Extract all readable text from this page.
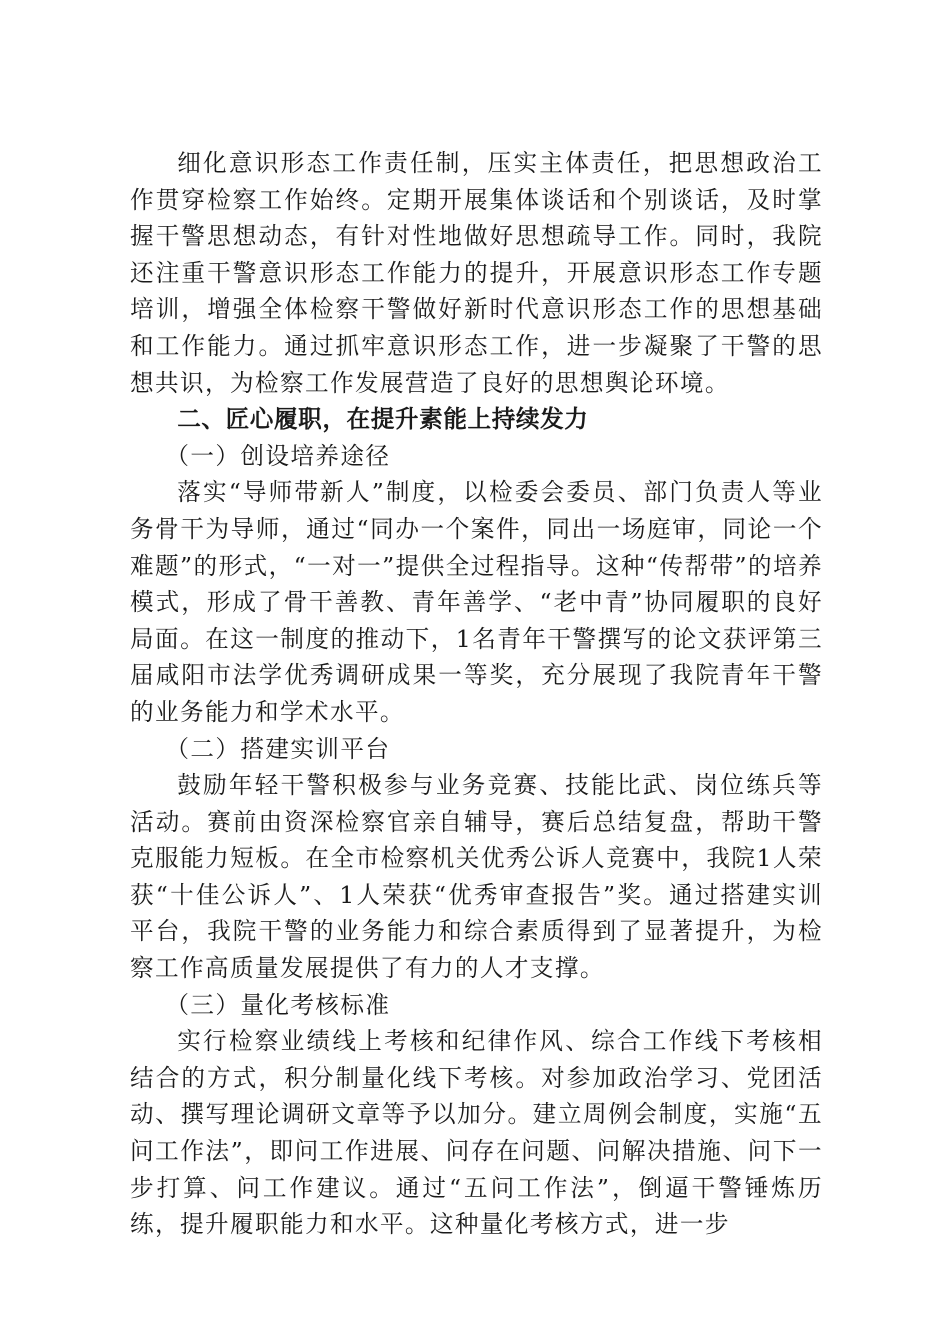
细化意识形态工作责任制，压实主体责任，把思想政治工作贯穿检察工作始终。定期开展集体谈话和个别谈话，及时掌握干警思想动态，有针对性地做好思想疏导工作。同时，我院还注重干警意识形态工作能力的提升，开展意识形态工作专题培训，增强全体检察干警做好新时代意识形态工作的思想基础和工作能力。通过抓牢意识形态工作，进一步凝聚了干警的思想共识，为检察工作发展营造了良好的思想舆论环境。

二、匠心履职，在提升素能上持续发力

（一）创设培养途径

落实“导师带新人”制度，以检委会委员、部门负责人等业务骨干为导师，通过“同办一个案件，同出一场庭审，同论一个难题”的形式，“一对一”提供全过程指导。这种“传帮带”的培养模式，形成了骨干善教、青年善学、“老中青”协同履职的良好局面。在这一制度的推动下，1名青年干警撰写的论文获评第三届咸阳市法学优秀调研成果一等奖，充分展现了我院青年干警的业务能力和学术水平。

（二）搭建实训平台

鼓励年轻干警积极参与业务竞赛、技能比武、岗位练兵等活动。赛前由资深检察官亲自辅导，赛后总结复盘，帮助干警克服能力短板。在全市检察机关优秀公诉人竞赛中，我院1人荣获“十佳公诉人”、1人荣获“优秀审查报告”奖。通过搭建实训平台，我院干警的业务能力和综合素质得到了显著提升，为检察工作高质量发展提供了有力的人才支撑。

（三）量化考核标准

实行检察业绩线上考核和纪律作风、综合工作线下考核相结合的方式，积分制量化线下考核。对参加政治学习、党团活动、撰写理论调研文章等予以加分。建立周例会制度，实施“五问工作法”，即问工作进展、问存在问题、问解决措施、问下一步打算、问工作建议。通过“五问工作法”，倒逼干警锤炼历练，提升履职能力和水平。这种量化考核方式，进一步
